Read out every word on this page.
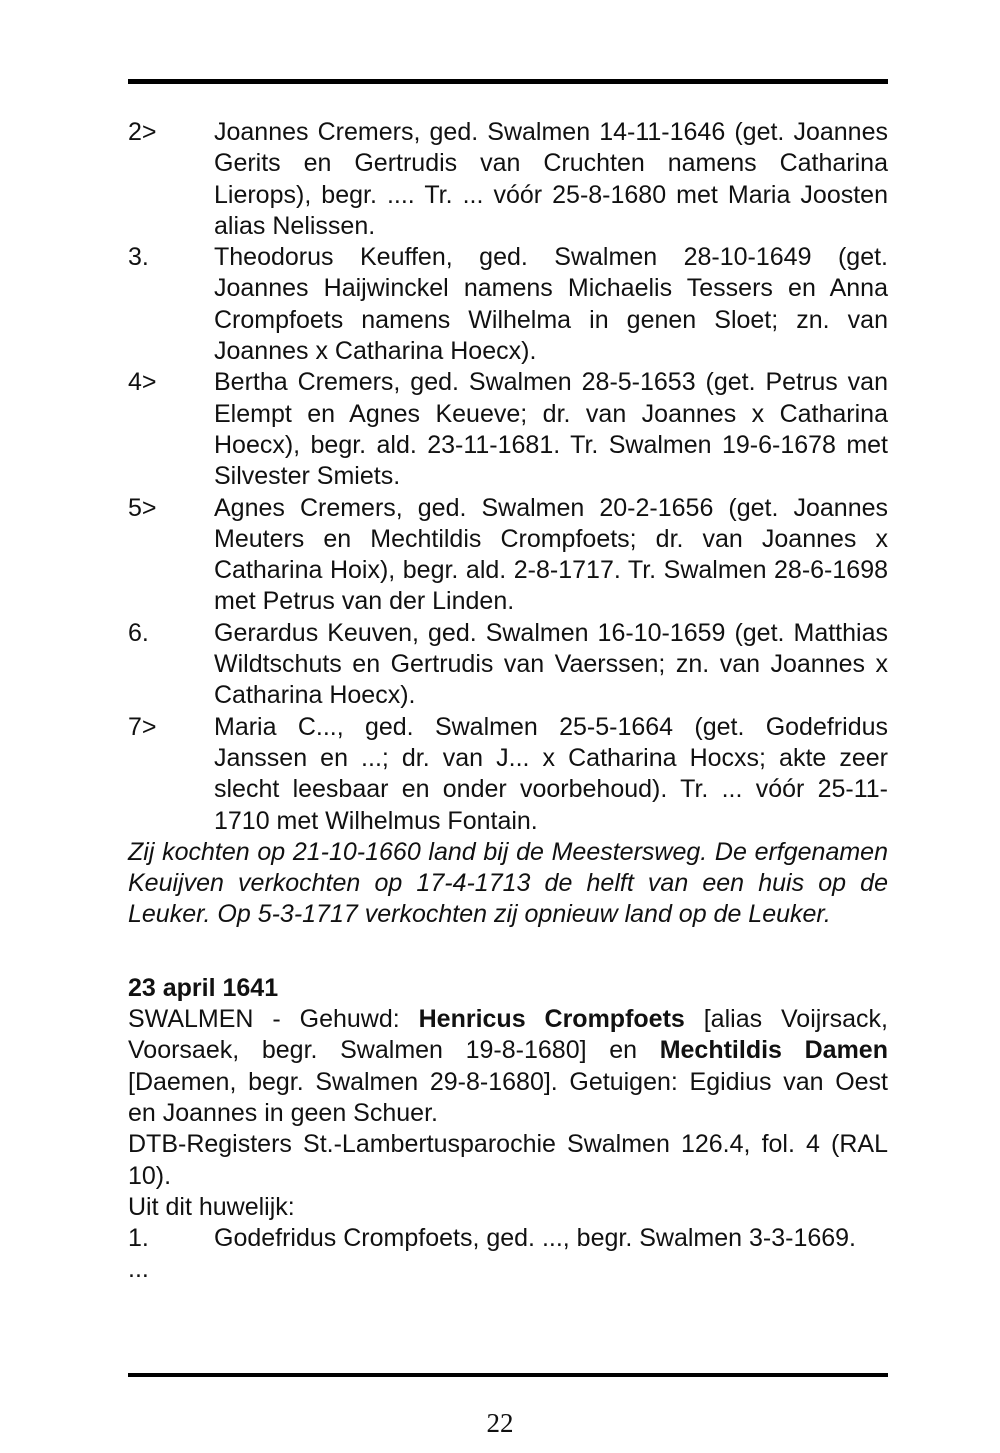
2>	Joannes Cremers, ged. Swalmen 14-11-1646 (get. Joannes Gerits en Gertrudis van Cruchten namens Catharina Lierops), begr. .... Tr. ... vóór 25-8-1680 met Maria Joosten alias Nelissen.
3.	Theodorus Keuffen, ged. Swalmen 28-10-1649 (get. Joannes Haijwinckel namens Michaelis Tessers en Anna Crompfoets namens Wilhelma in genen Sloet; zn. van Joannes x Catharina Hoecx).
4>	Bertha Cremers, ged. Swalmen 28-5-1653 (get. Petrus van Elempt en Agnes Keueve; dr. van Joannes x Catharina Hoecx), begr. ald. 23-11-1681. Tr. Swalmen 19-6-1678 met Silvester Smiets.
5>	Agnes Cremers, ged. Swalmen 20-2-1656 (get. Joannes Meuters en Mechtildis Crompfoets; dr. van Joannes x Catharina Hoix), begr. ald. 2-8-1717. Tr. Swalmen 28-6-1698 met Petrus van der Linden.
6.	Gerardus Keuven, ged. Swalmen 16-10-1659 (get. Matthias Wildtschuts en Gertrudis van Vaerssen; zn. van Joannes x Catharina Hoecx).
7>	Maria C..., ged. Swalmen 25-5-1664 (get. Godefridus Janssen en ...; dr. van J... x Catharina Hocxs; akte zeer slecht leesbaar en onder voorbehoud). Tr. ... vóór 25-11-1710 met Wilhelmus Fontain.
Zij kochten op 21-10-1660 land bij de Meestersweg. De erfgenamen Keuijven verkochten op 17-4-1713 de helft van een huis op de Leuker. Op 5-3-1717 verkochten zij opnieuw land op de Leuker.
23 april 1641
SWALMEN - Gehuwd: Henricus Crompfoets [alias Voijrsack, Voorsaek, begr. Swalmen 19-8-1680] en Mechtildis Damen [Daemen, begr. Swalmen 29-8-1680]. Getuigen: Egidius van Oest en Joannes in geen Schuer.
DTB-Registers St.-Lambertusparochie Swalmen 126.4, fol. 4 (RAL 10).
Uit dit huwelijk:
1.	Godefridus Crompfoets, ged. ..., begr. Swalmen 3-3-1669.
...
22
